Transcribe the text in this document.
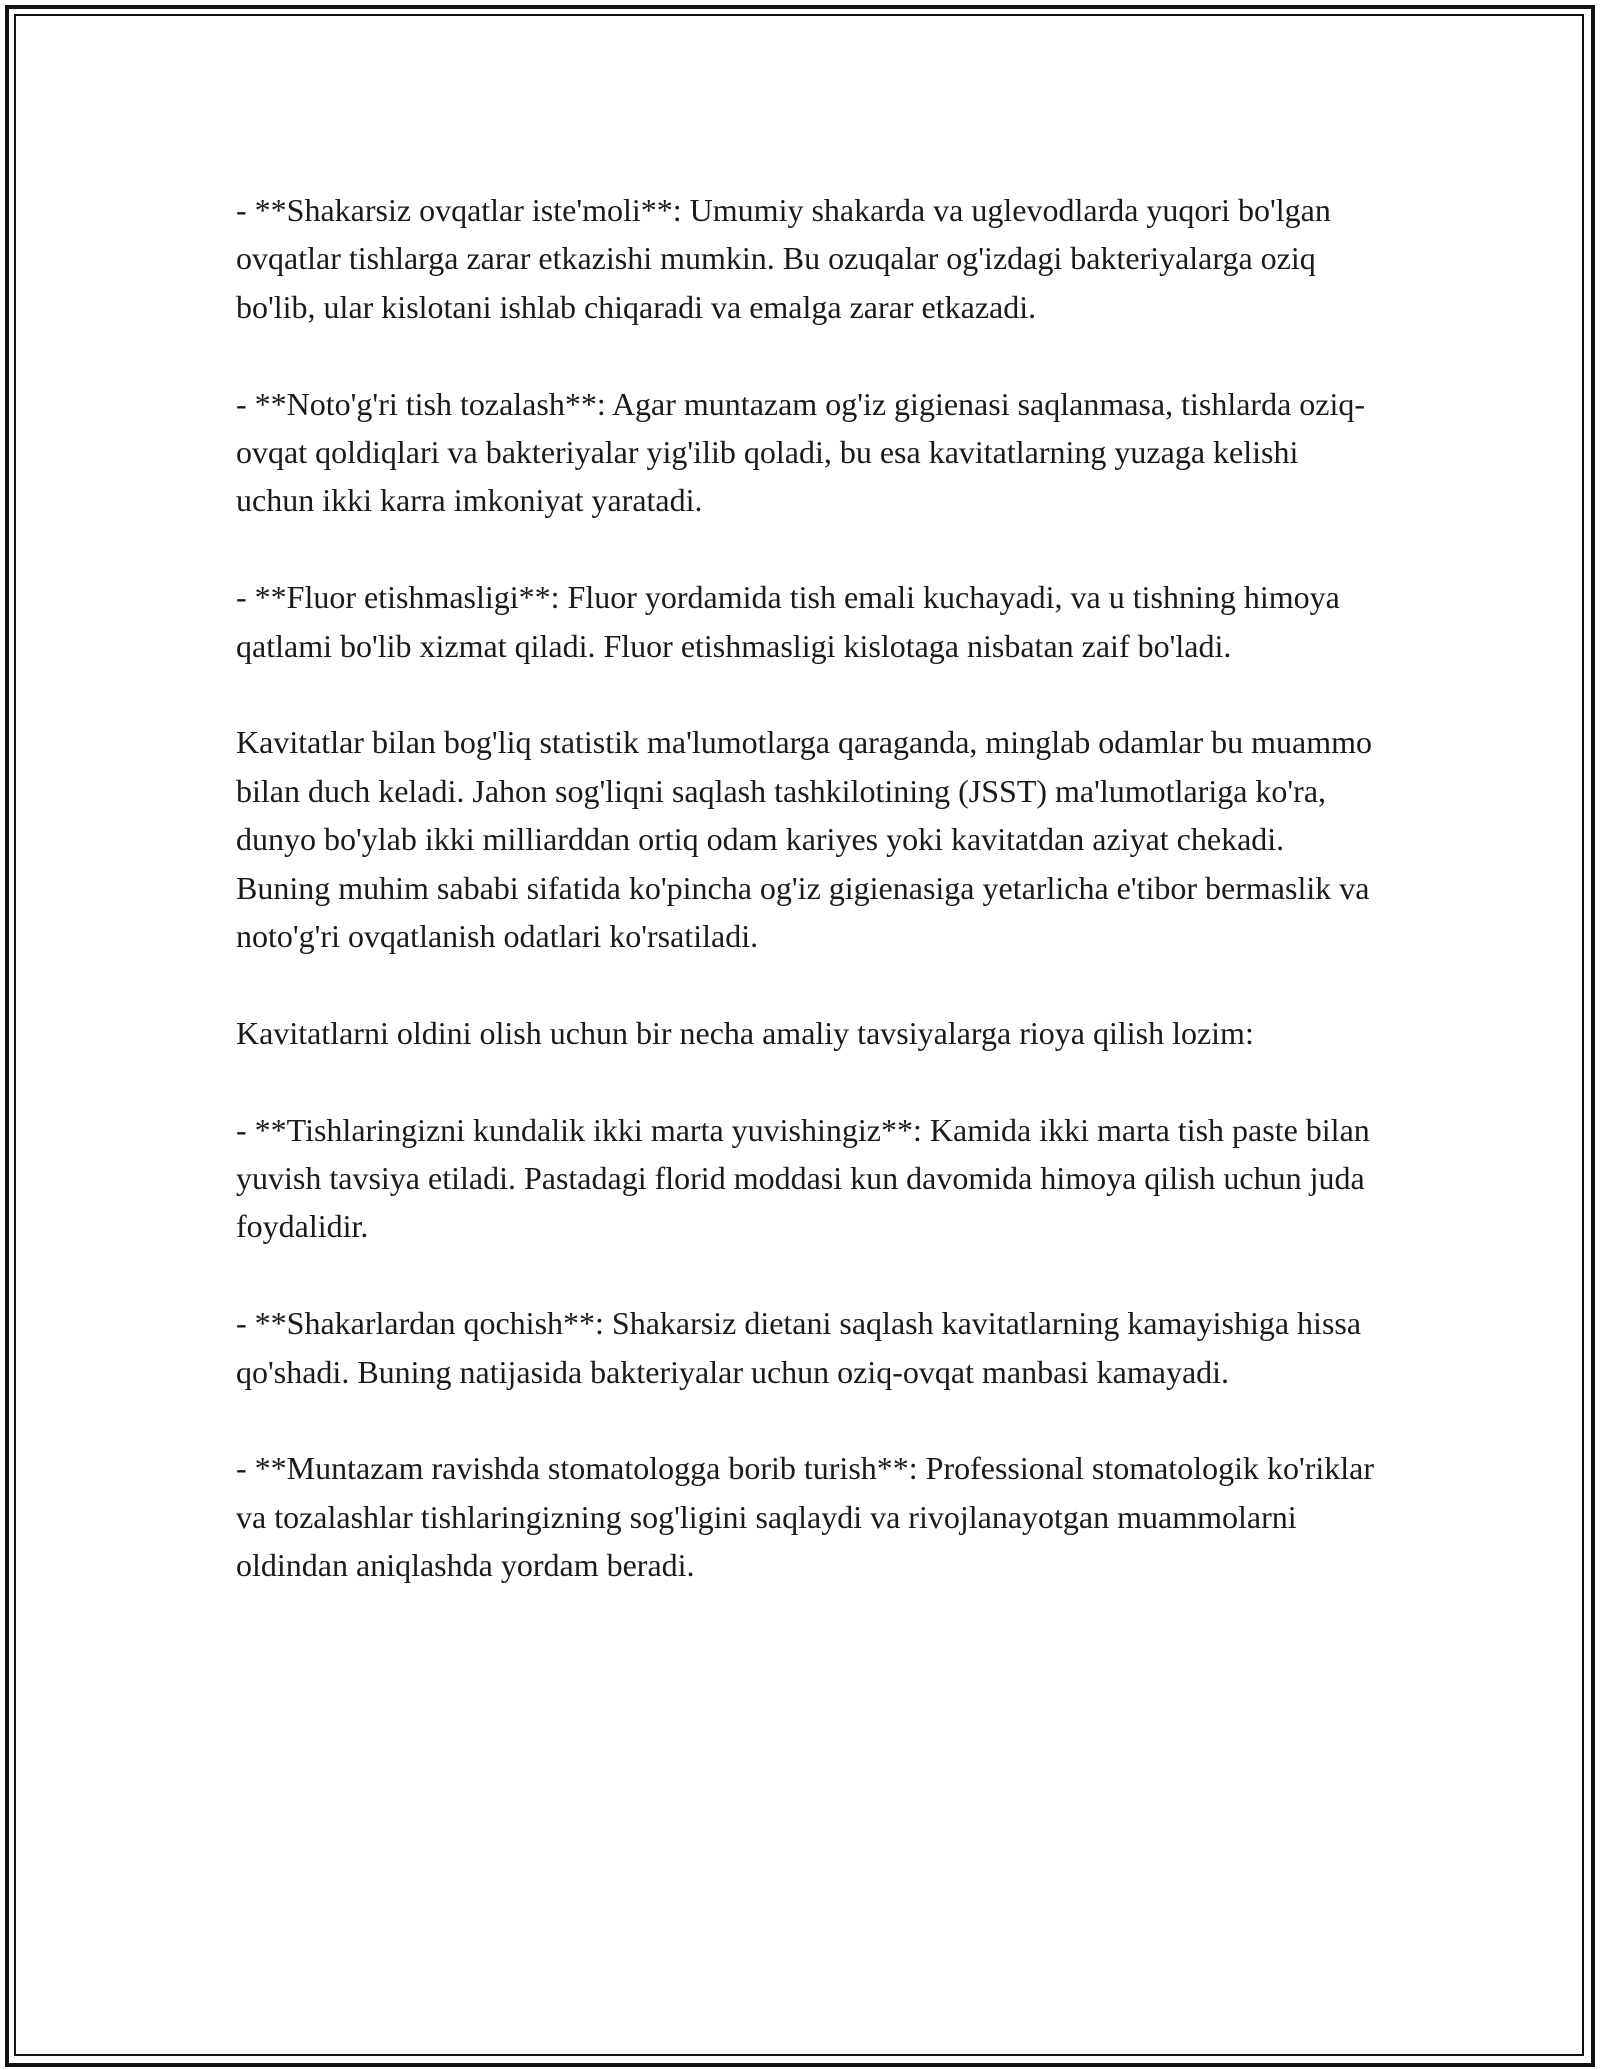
- **Shakarsiz ovqatlar iste'moli**: Umumiy shakarda va uglevodlarda yuqori bo'lgan ovqatlar tishlarga zarar etkazishi mumkin. Bu ozuqalar og'izdagi bakteriyalarga oziq bo'lib, ular kislotani ishlab chiqaradi va emalga zarar etkazadi.

- **Noto'g'ri tish tozalash**: Agar muntazam og'iz gigienasi saqlanmasa, tishlarda oziq-ovqat qoldiqlari va bakteriyalar yig'ilib qoladi, bu esa kavitatlarning yuzaga kelishi uchun ikki karra imkoniyat yaratadi.

- **Fluor etishmasligi**: Fluor yordamida tish emali kuchayadi, va u tishning himoya qatlami bo'lib xizmat qiladi. Fluor etishmasligi kislotaga nisbatan zaif bo'ladi.

Kavitatlar bilan bog'liq statistik ma'lumotlarga qaraganda, minglab odamlar bu muammo bilan duch keladi. Jahon sog'liqni saqlash tashkilotining (JSST) ma'lumotlariga ko'ra, dunyo bo'ylab ikki milliarddan ortiq odam kariyes yoki kavitatdan aziyat chekadi. Buning muhim sababi sifatida ko'pincha og'iz gigienasiga yetarlicha e'tibor bermaslik va noto'g'ri ovqatlanish odatlari ko'rsatiladi.

Kavitatlarni oldini olish uchun bir necha amaliy tavsiyalarga rioya qilish lozim:

- **Tishlaringizni kundalik ikki marta yuvishingiz**: Kamida ikki marta tish paste bilan yuvish tavsiya etiladi. Pastadagi florid moddasi kun davomida himoya qilish uchun juda foydalidir.

- **Shakarlardan qochish**: Shakarsiz dietani saqlash kavitatlarning kamayishiga hissa qo'shadi. Buning natijasida bakteriyalar uchun oziq-ovqat manbasi kamayadi.

- **Muntazam ravishda stomatologga borib turish**: Professional stomatologik ko'riklar va tozalashlar tishlaringizning sog'ligini saqlaydi va rivojlanayotgan muammolarni oldindan aniqlashda yordam beradi.
